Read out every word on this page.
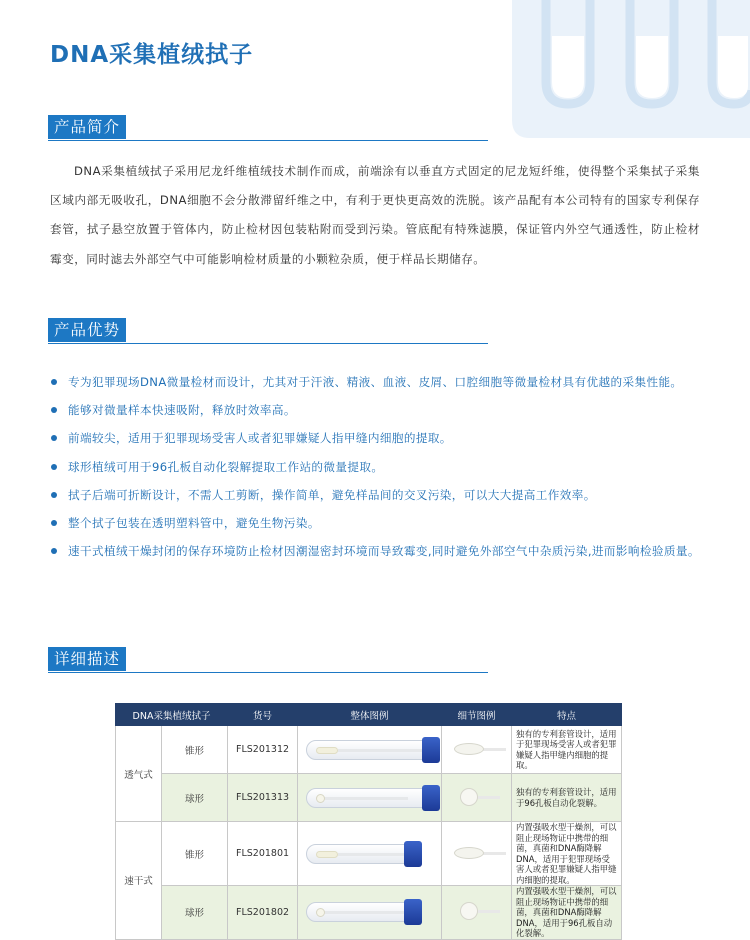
DNA采集植绒拭子
产品简介

DNA采集植绒拭子采用尼龙纤维植绒技术制作而成，前端涂有以垂直方式固定的尼龙短纤维，使得整个采集拭子采集区域内部无吸收孔，DNA细胞不会分散滞留纤维之中，有利于更快更高效的洗脱。该产品配有本公司特有的国家专利保存套管，拭子悬空放置于管体内，防止检材因包装粘附而受到污染。管底配有特殊滤膜，保证管内外空气通透性，防止检材霉变，同时滤去外部空气中可能影响检材质量的小颗粒杂质，便于样品长期储存。

产品优势
专为犯罪现场DNA微量检材而设计，尤其对于汗液、精液、血液、皮屑、口腔细胞等微量检材具有优越的采集性能。
能够对微量样本快速吸附，释放时效率高。
前端较尖，适用于犯罪现场受害人或者犯罪嫌疑人指甲缝内细胞的提取。
球形植绒可用于96孔板自动化裂解提取工作站的微量提取。
拭子后端可折断设计，不需人工剪断，操作简单，避免样品间的交叉污染，可以大大提高工作效率。
整个拭子包装在透明塑料管中，避免生物污染。
速干式植绒干燥封闭的保存环境防止检材因潮湿密封环境而导致霉变,同时避免外部空气中杂质污染,进而影响检验质量。
详细描述
DNA采集植绒拭子		货号	整体图例	细节图例	特点
透气式	锥形	FLS201312			独有的专利套管设计，适用于犯罪现场受害人或者犯罪嫌疑人指甲缝内细胞的提取。
	球形	FLS201313			独有的专利套管设计，适用于96孔板自动化裂解。
速干式	锥形	FLS201801			内置强吸水型干燥剂，可以阻止现场物证中携带的细菌，真菌和DNA酶降解DNA，适用于犯罪现场受害人或者犯罪嫌疑人指甲缝内细胞的提取。
	球形	FLS201802			内置强吸水型干燥剂，可以阻止现场物证中携带的细菌，真菌和DNA酶降解DNA，适用于96孔板自动化裂解。
